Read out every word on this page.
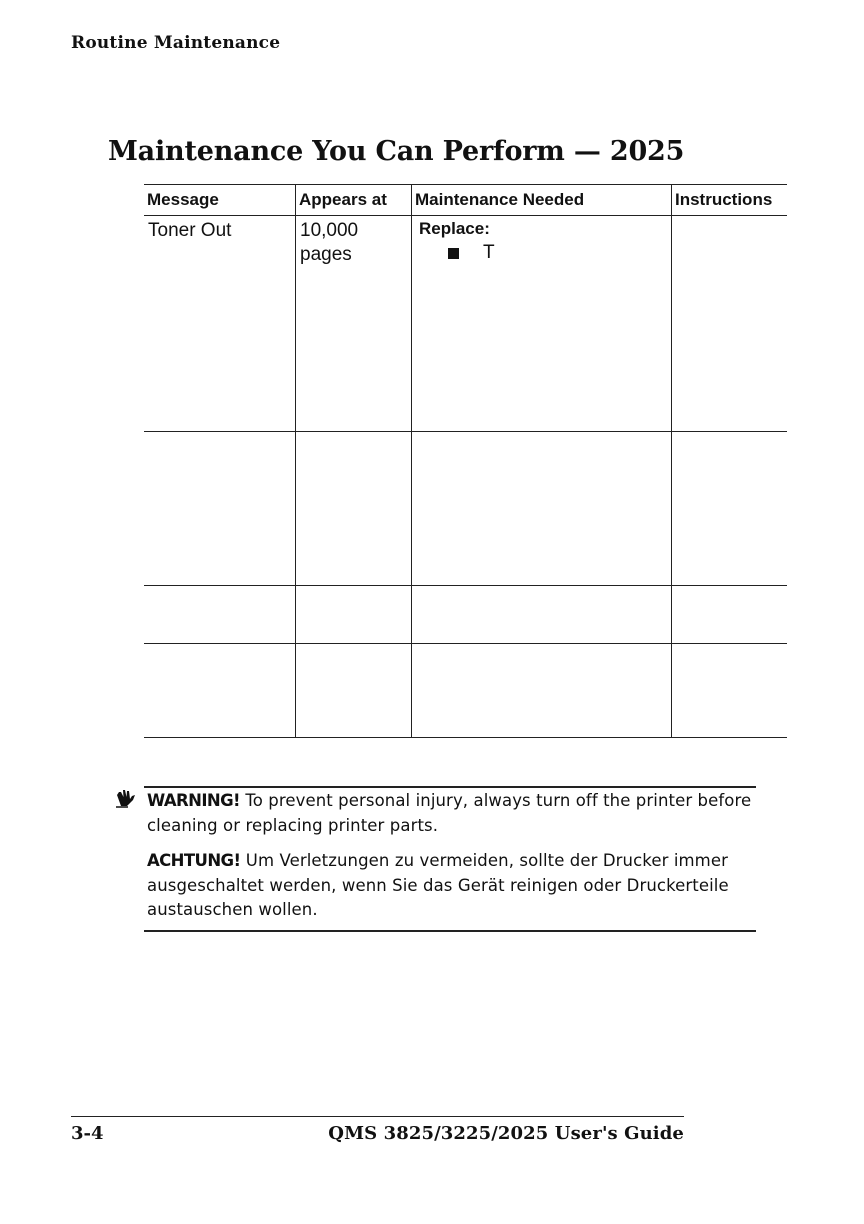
Routine Maintenance
Maintenance You Can Perform — 2025
Message	Appears at	Maintenance Needed	Instructions
Toner Out	10,000 pages	Replace:
T	

WARNING! To prevent personal injury, always turn off the printer before cleaning or replacing printer parts.

ACHTUNG! Um Verletzungen zu vermeiden, sollte der Drucker immer ausgeschaltet werden, wenn Sie das Gerät reinigen oder Druckerteile austauschen wollen.

3-4	QMS 3825/3225/2025 User's Guide
